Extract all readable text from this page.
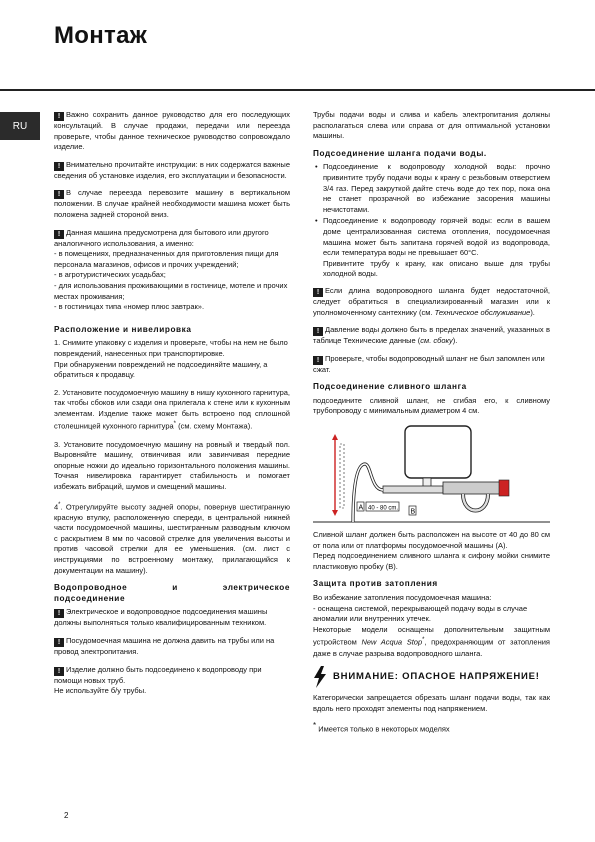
Монтаж
RU

! Важно сохранить данное руководство для его последующих консультаций. В случае продажи, передачи или переезда проверьте, чтобы данное техническое руководство сопровождало изделие.

! Внимательно прочитайте инструкции: в них содержатся важные сведения об установке изделия, его эксплуатации и безопасности.

! В случае переезда перевозите машину в вертикальном положении. В случае крайней необходимости машина может быть положена задней стороной вниз.

! Данная машина предусмотрена для бытового или другого аналогичного использования, а именно:

- в помещениях, предназначенных для приготовления пищи для персонала магазинов, офисов и прочих учреждений;
- в агротуристических усадьбах;
- для использования проживающими в гостинице, мотеле и прочих местах проживания;
- в гостиницах типа «номер плюс завтрак».
Расположение и нивелировка

1. Снимите упаковку с изделия и проверьте, чтобы на нем не было повреждений, нанесенных при транспортировке.

При обнаружении повреждений не подсоединяйте машину, а обратиться к продавцу.

2. Установите посудомоечную машину в нишу кухонного гарнитура, так чтобы сбоков или сзади она прилегала к стене или к кухонным элементам. Изделие также может быть встроено под сплошной столешницей кухонного гарнитура* (см. схему Монтажа).

3. Установите посудомоечную машину на ровный и твердый пол. Выровняйте машину, отвинчивая или завинчивая передние опорные ножки до идеально горизонтального положения машины. Точная нивелировка гарантирует стабильность и помогает избежать вибраций, шумов и смещений машины.

4*. Отрегулируйте высоту задней опоры, повернув шестигранную красную втулку, расположенную спереди, в центральной нижней части посудомоечной машины, шестигранным разводным ключом с раскрытием 8 мм по часовой стрелке для увеличения высоты и против часовой стрелки для ее уменьшения. (см. лист с инструкциями по встроенному монтажу, прилагающийся к документации на машину).

Водопроводное	и	электрическое
подсоединение

! Электрическое и водопроводное подсоединения машины должны выполняться только квалифицированным техником.

! Посудомоечная машина не должна давить на трубы или на провод электропитания.

! Изделие должно быть подсоединено к водопроводу при помощи новых труб.

Не используйте б/у трубы.

Трубы подачи воды и слива и кабель электропитания должны располагаться слева или справа от для оптимальной установки машины.

Подсоединение шланга подачи воды.
• Подсоединение к водопроводу холодной воды: прочно привинтите трубу подачи воды к крану с резьбовым отверстием 3/4 газ. Перед закруткой дайте стечь воде до тех пор, пока она не станет прозрачной во избежание засорения машины нечистотами.
• Подсоединение к водопроводу горячей воды: если в вашем доме централизованная система отопления, посудомоечная машина может быть запитана горячей водой из водопровода, если температура воды не превышает 60°C.
Привинтите трубу к крану, как описано выше для трубы холодной воды.

! Если длина водопроводного шланга будет недостаточной, следует обратиться в специализированный магазин или к уполномоченному сантехнику (см. Техническое обслуживание).

! Давление воды должно быть в пределах значений, указанных в таблице Технические данные (см. сбоку).

! Проверьте, чтобы водопроводный шланг не был запомлен или сжат.

Подсоединение сливного шланга

подсоедините сливной шланг, не сгибая его, к сливному трубопроводу с минимальным диаметром 4 см.

A 40 - 80 cm. B

Сливной шланг должен быть расположен на высоте от 40 до 80 см от пола или от платформы посудомоечной машины (A).

Перед подсоединением сливного шланга к сифону мойки снимите пластиковую пробку (B).

Защита против затопления

Во избежание затопления посудомоечная машина:

- оснащена системой, перекрывающей подачу воды в случае аномалии или внутренних утечек.

Некоторые модели оснащены дополнительным защитным устройством New Acqua Stop*, предохраняющим от затопления даже в случае разрыва водопроводного шланга.

ВНИМАНИЕ: ОПАСНОЕ НАПРЯЖЕНИЕ!

Категорически запрещается обрезать шланг подачи воды, так как вдоль него проходят элементы под напряжением.

* Имеется только в некоторых моделях

2
